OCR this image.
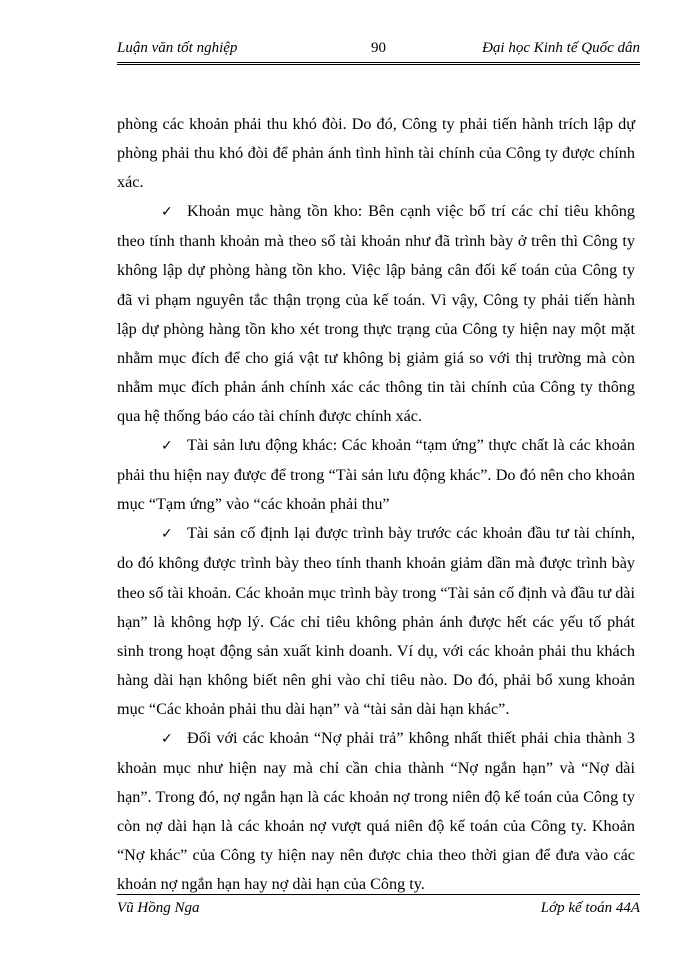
Luận văn tốt nghiệp	90	Đại học Kinh tế Quốc dân

phòng các khoản phải thu khó đòi. Do đó, Công ty phải tiến hành trích lập dự phòng phải thu khó đòi để phản ánh tình hình tài chính của Công ty được chính xác.

✓ Khoản mục hàng tồn kho: Bên cạnh việc bố trí các chỉ tiêu không theo tính thanh khoản mà theo số tài khoản như đã trình bày ở trên thì Công ty không lập dự phòng hàng tồn kho. Việc lập bảng cân đối kế toán của Công ty đã vi phạm nguyên tắc thận trọng của kế toán. Vì vậy, Công ty phải tiến hành lập dự phòng hàng tồn kho xét trong thực trạng của Công ty hiện nay một mặt nhằm mục đích để cho giá vật tư không bị giảm giá so với thị trường mà còn nhằm mục đích phản ánh chính xác các thông tin tài chính của Công ty thông qua hệ thống báo cáo tài chính được chính xác.

✓ Tài sản lưu động khác: Các khoản “tạm ứng” thực chất là các khoản phải thu hiện nay được để trong “Tài sản lưu động khác”. Do đó nên cho khoản mục “Tạm ứng” vào “các khoản phải thu”

✓ Tài sản cố định lại được trình bày trước các khoản đầu tư tài chính, do đó không được trình bày theo tính thanh khoản giảm dần mà được trình bày theo số tài khoản. Các khoản mục trình bày trong “Tài sản cố định và đầu tư dài hạn” là không hợp lý. Các chỉ tiêu không phản ánh được hết các yếu tố phát sinh trong hoạt động sản xuất kinh doanh. Ví dụ, với các khoản phải thu khách hàng dài hạn không biết nên ghi vào chỉ tiêu nào. Do đó, phải bổ xung khoản mục “Các khoản phải thu dài hạn” và “tài sản dài hạn khác”.

✓ Đối với các khoản “Nợ phải trả” không nhất thiết phải chia thành 3 khoản mục như hiện nay mà chỉ cần chia thành “Nợ ngắn hạn” và “Nợ dài hạn”. Trong đó, nợ ngắn hạn là các khoản nợ trong niên độ kế toán của Công ty còn nợ dài hạn là các khoản nợ vượt quá niên độ kế toán của Công ty. Khoản “Nợ khác” của Công ty hiện nay nên được chia theo thời gian để đưa vào các khoản nợ ngắn hạn hay nợ dài hạn của Công ty.

Vũ Hồng Nga	Lớp kế toán 44A
